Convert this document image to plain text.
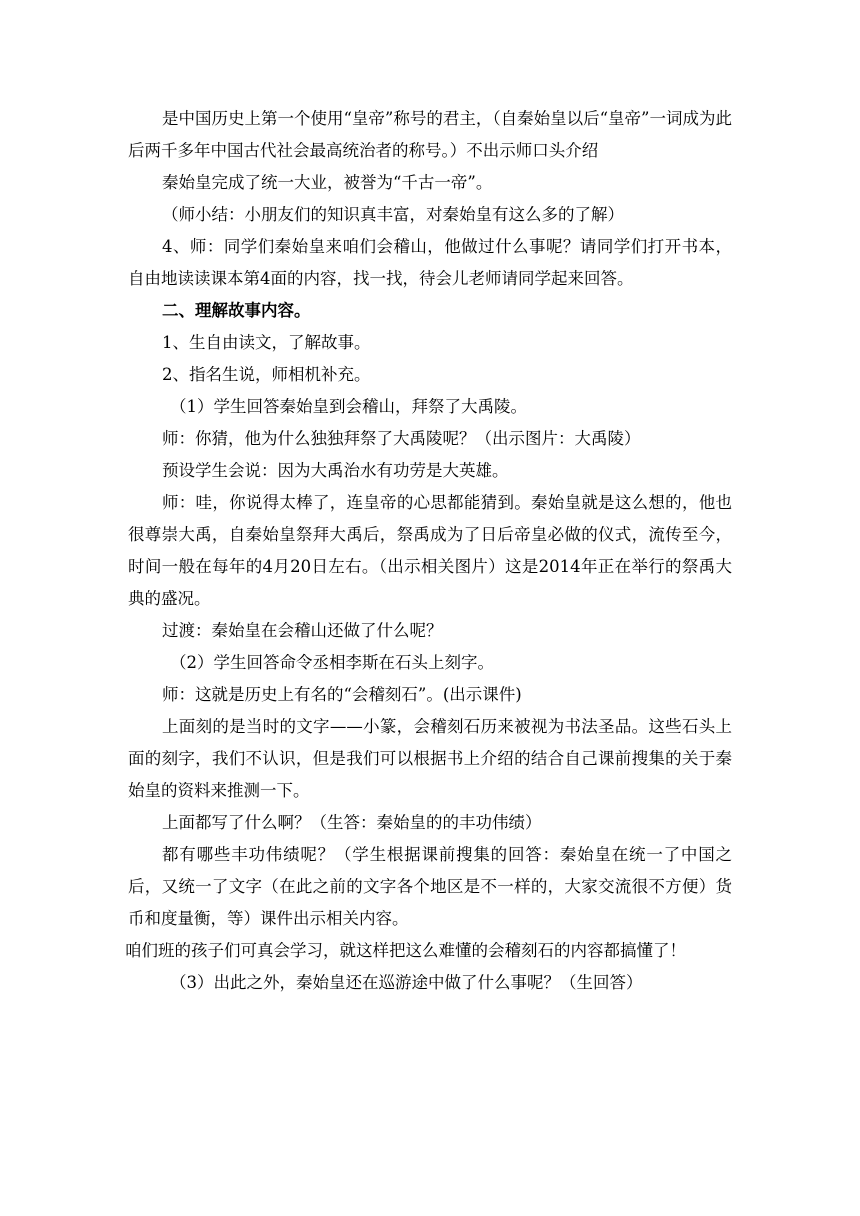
是中国历史上第一个使用“皇帝”称号的君主，（自秦始皇以后“皇帝”一词成为此后两千多年中国古代社会最高统治者的称号。）不出示师口头介绍

秦始皇完成了统一大业，被誉为“千古一帝”。

（师小结：小朋友们的知识真丰富，对秦始皇有这么多的了解）

4、师：同学们秦始皇来咱们会稽山，他做过什么事呢？请同学们打开书本，自由地读读课本第4面的内容，找一找，待会儿老师请同学起来回答。

二、理解故事内容。

1、生自由读文，了解故事。

2、指名生说，师相机补充。

（1）学生回答秦始皇到会稽山，拜祭了大禹陵。

师：你猜，他为什么独独拜祭了大禹陵呢？（出示图片：大禹陵）

预设学生会说：因为大禹治水有功劳是大英雄。

师：哇，你说得太棒了，连皇帝的心思都能猜到。秦始皇就是这么想的，他也很尊崇大禹，自秦始皇祭拜大禹后，祭禹成为了日后帝皇必做的仪式，流传至今，时间一般在每年的4月20日左右。（出示相关图片）这是2014年正在举行的祭禹大典的盛况。

过渡：秦始皇在会稽山还做了什么呢？

（2）学生回答命令丞相李斯在石头上刻字。

师：这就是历史上有名的“会稽刻石”。(出示课件)

上面刻的是当时的文字——小篆，会稽刻石历来被视为书法圣品。这些石头上面的刻字，我们不认识，但是我们可以根据书上介绍的结合自己课前搜集的关于秦始皇的资料来推测一下。

上面都写了什么啊？（生答：秦始皇的的丰功伟绩）

都有哪些丰功伟绩呢？（学生根据课前搜集的回答：秦始皇在统一了中国之后，又统一了文字（在此之前的文字各个地区是不一样的，大家交流很不方便）货币和度量衡，等）课件出示相关内容。

咱们班的孩子们可真会学习，就这样把这么难懂的会稽刻石的内容都搞懂了！

（3）出此之外，秦始皇还在巡游途中做了什么事呢？（生回答）
